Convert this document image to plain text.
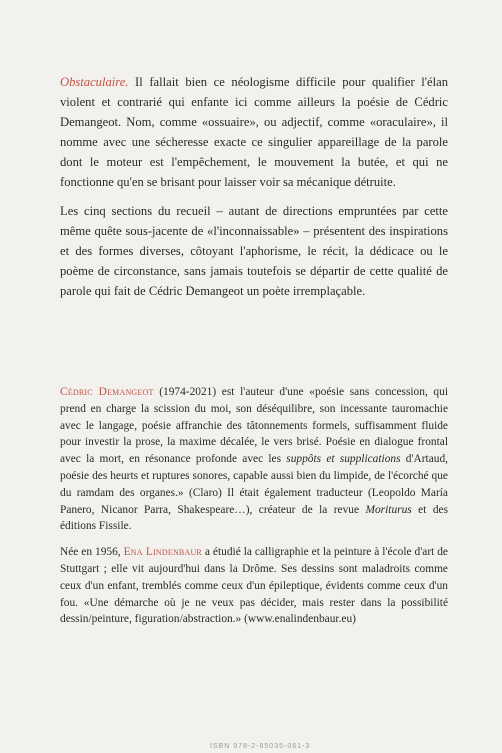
Obstaculaire. Il fallait bien ce néologisme difficile pour qualifier l'élan violent et contrarié qui enfante ici comme ailleurs la poésie de Cédric Demangeot. Nom, comme «ossuaire», ou adjectif, comme «oraculaire», il nomme avec une sécheresse exacte ce singulier appareillage de la parole dont le moteur est l'empêchement, le mouvement la butée, et qui ne fonctionne qu'en se brisant pour laisser voir sa mécanique détruite.

Les cinq sections du recueil – autant de directions empruntées par cette même quête sous-jacente de «l'inconnaissable» – présentent des inspirations et des formes diverses, côtoyant l'aphorisme, le récit, la dédicace ou le poème de circonstance, sans jamais toutefois se départir de cette qualité de parole qui fait de Cédric Demangeot un poète irremplaçable.

Cédric Demangeot (1974-2021) est l'auteur d'une «poésie sans concession, qui prend en charge la scission du moi, son déséquilibre, son incessante tauromachie avec le langage, poésie affranchie des tâtonnements formels, suffisamment fluide pour investir la prose, la maxime décalée, le vers brisé. Poésie en dialogue frontal avec la mort, en résonance profonde avec les suppôts et supplications d'Artaud, poésie des heurts et ruptures sonores, capable aussi bien du limpide, de l'écorché que du ramdam des organes.» (Claro) Il était également traducteur (Leopoldo María Panero, Nicanor Parra, Shakespeare…), créateur de la revue Moriturus et des éditions Fissile.

Née en 1956, Ena Lindenbaur a étudié la calligraphie et la peinture à l'école d'art de Stuttgart ; elle vit aujourd'hui dans la Drôme. Ses dessins sont maladroits comme ceux d'un enfant, tremblés comme ceux d'un épileptique, évidents comme ceux d'un fou. «Une démarche où je ne veux pas décider, mais rester dans la possibilité dessin/peinture, figuration/abstraction.» (www.enalindenbaur.eu)

ISBN 978-2-85035-061-3
